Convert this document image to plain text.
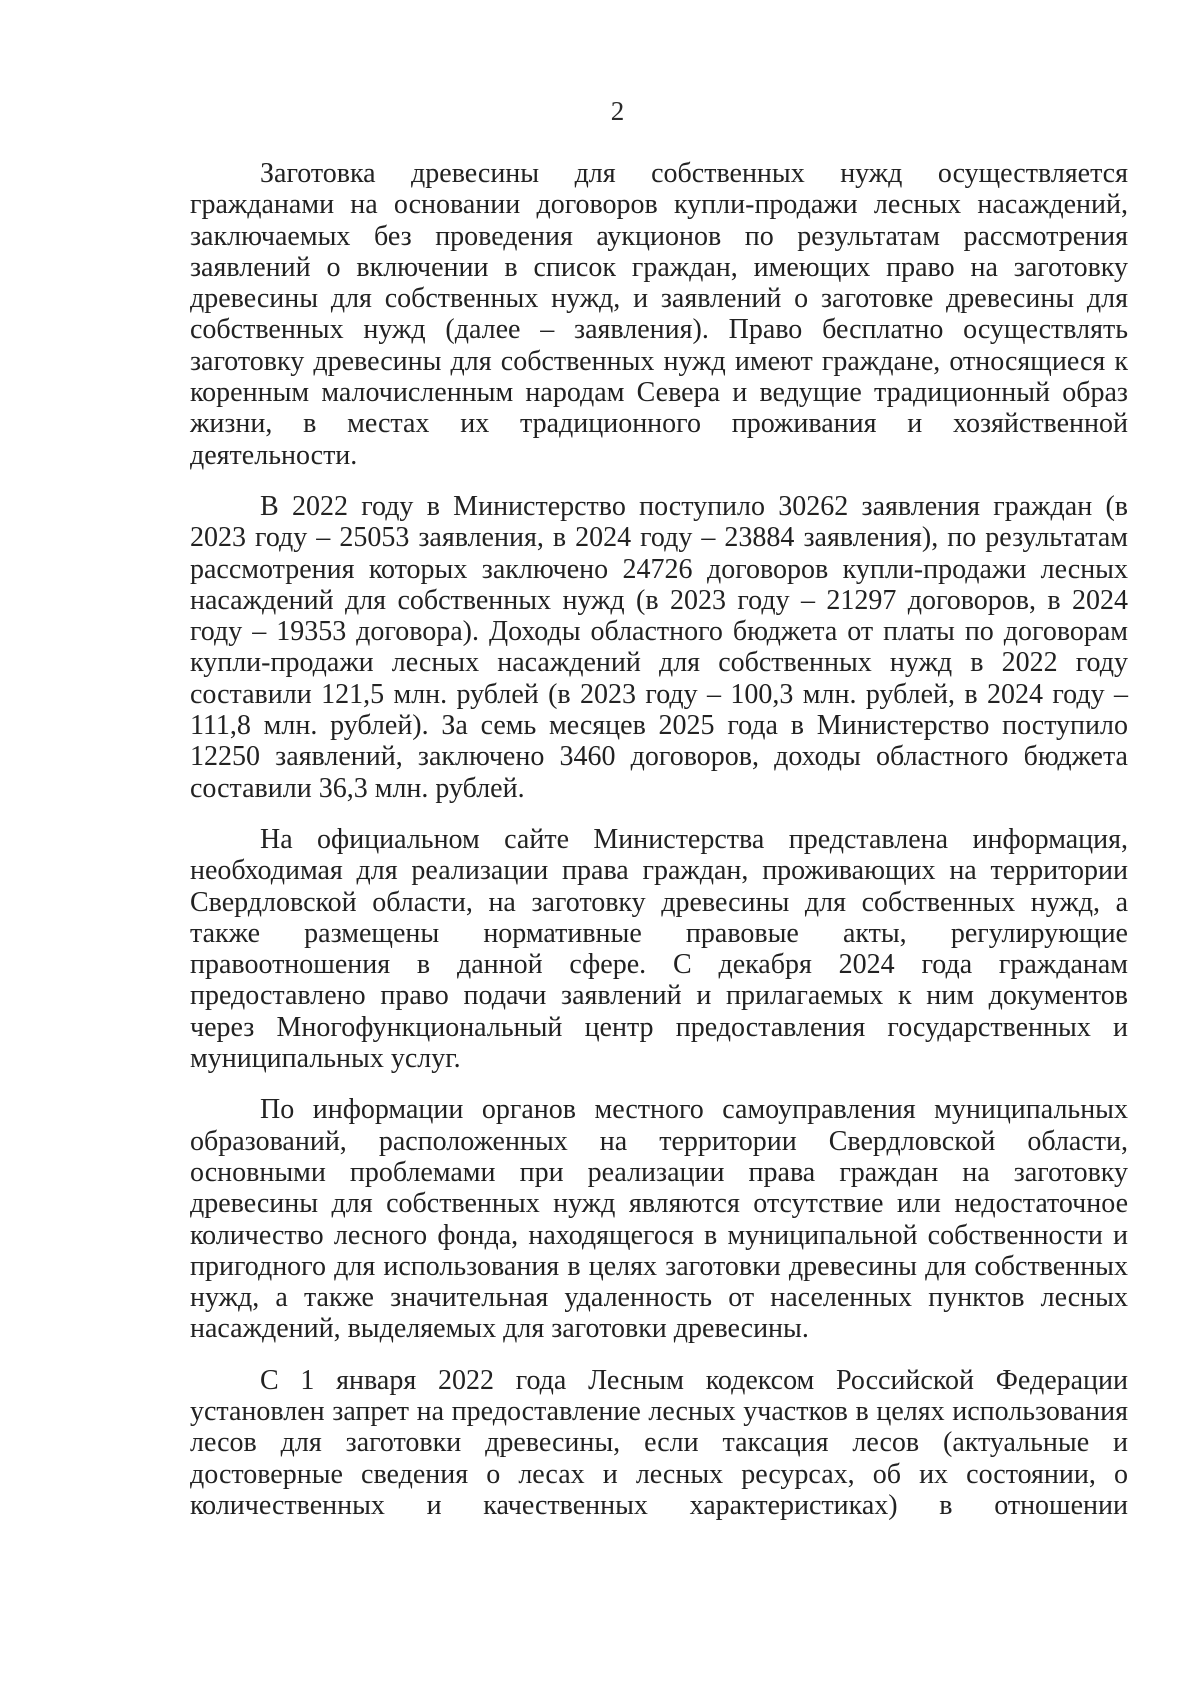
2

Заготовка древесины для собственных нужд осуществляется гражданами на основании договоров купли-продажи лесных насаждений, заключаемых без проведения аукционов по результатам рассмотрения заявлений о включении в список граждан, имеющих право на заготовку древесины для собственных нужд, и заявлений о заготовке древесины для собственных нужд (далее – заявления). Право бесплатно осуществлять заготовку древесины для собственных нужд имеют граждане, относящиеся к коренным малочисленным народам Севера и ведущие традиционный образ жизни, в местах их традиционного проживания и хозяйственной деятельности.

В 2022 году в Министерство поступило 30262 заявления граждан (в 2023 году – 25053 заявления, в 2024 году – 23884 заявления), по результатам рассмотрения которых заключено 24726 договоров купли-продажи лесных насаждений для собственных нужд (в 2023 году – 21297 договоров, в 2024 году – 19353 договора). Доходы областного бюджета от платы по договорам купли-продажи лесных насаждений для собственных нужд в 2022 году составили 121,5 млн. рублей (в 2023 году – 100,3 млн. рублей, в 2024 году – 111,8 млн. рублей). За семь месяцев 2025 года в Министерство поступило 12250 заявлений, заключено 3460 договоров, доходы областного бюджета составили 36,3 млн. рублей.

На официальном сайте Министерства представлена информация, необходимая для реализации права граждан, проживающих на территории Свердловской области, на заготовку древесины для собственных нужд, а также размещены нормативные правовые акты, регулирующие правоотношения в данной сфере. С декабря 2024 года гражданам предоставлено право подачи заявлений и прилагаемых к ним документов через Многофункциональный центр предоставления государственных и муниципальных услуг.

По информации органов местного самоуправления муниципальных образований, расположенных на территории Свердловской области, основными проблемами при реализации права граждан на заготовку древесины для собственных нужд являются отсутствие или недостаточное количество лесного фонда, находящегося в муниципальной собственности и пригодного для использования в целях заготовки древесины для собственных нужд, а также значительная удаленность от населенных пунктов лесных насаждений, выделяемых для заготовки древесины.

С 1 января 2022 года Лесным кодексом Российской Федерации установлен запрет на предоставление лесных участков в целях использования лесов для заготовки древесины, если таксация лесов (актуальные и достоверные сведения о лесах и лесных ресурсах, об их состоянии, о количественных и качественных характеристиках) в отношении
